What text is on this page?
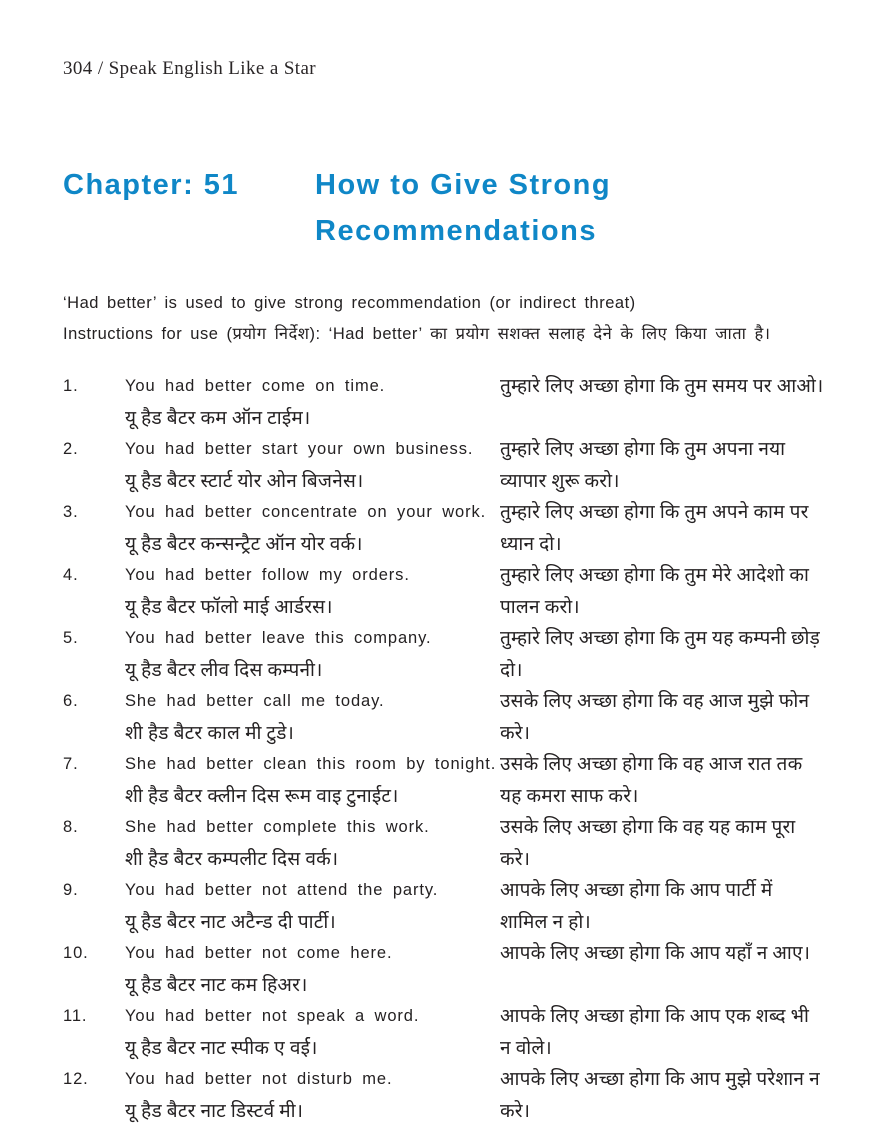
304 / Speak English Like a Star
Chapter: 51	How to Give Strong
Recommendations

‘Had better’ is used to give strong recommendation (or indirect threat)

Instructions for use (प्रयोग निर्देश): ‘Had better’ का प्रयोग सशक्त सलाह देने के लिए किया जाता है।

1.	You had better come on time.
यू हैड बैटर कम ऑन टाईम।
तुम्हारे लिए अच्छा होगा कि तुम समय पर आओ।
2.	You had better start your own business.
यू हैड बैटर स्टार्ट योर ओन बिजनेस।
तुम्हारे लिए अच्छा होगा कि तुम अपना नया व्यापार शुरू करो।
3.	You had better concentrate on your work.
यू हैड बैटर कन्सन्ट्रैट ऑन योर वर्क।
तुम्हारे लिए अच्छा होगा कि तुम अपने काम पर ध्यान दो।
4.	You had better follow my orders.
यू हैड बैटर फॉलो माई आर्डरस।
तुम्हारे लिए अच्छा होगा कि तुम मेरे आदेशो का पालन करो।
5.	You had better leave this company.
यू हैड बैटर लीव दिस कम्पनी।
तुम्हारे लिए अच्छा होगा कि तुम यह कम्पनी छोड़ दो।
6.	She had better call me today.
शी हैड बैटर काल मी टुडे।
उसके लिए अच्छा होगा कि वह आज मुझे फोन करे।
7.	She had better clean this room by tonight.
शी हैड बैटर क्लीन दिस रूम वाइ टुनाईट।
उसके लिए अच्छा होगा कि वह आज रात तक यह कमरा साफ करे।
8.	She had better complete this work.
शी हैड बैटर कम्पलीट दिस वर्क।
उसके लिए अच्छा होगा कि वह यह काम पूरा करे।
9.	You had better not attend the party.
यू हैड बैटर नाट अटैन्ड दी पार्टी।
आपके लिए अच्छा होगा कि आप पार्टी में शामिल न हो।
10.	You had better not come here.
यू हैड बैटर नाट कम हिअर।
आपके लिए अच्छा होगा कि आप यहाँ न आए।
11.	You had better not speak a word.
यू हैड बैटर नाट स्पीक ए वर्ई।
आपके लिए अच्छा होगा कि आप एक शब्द भी न वोले।
12.	You had better not disturb me.
यू हैड बैटर नाट डिस्टर्व मी।
आपके लिए अच्छा होगा कि आप मुझे परेशान न करे।
